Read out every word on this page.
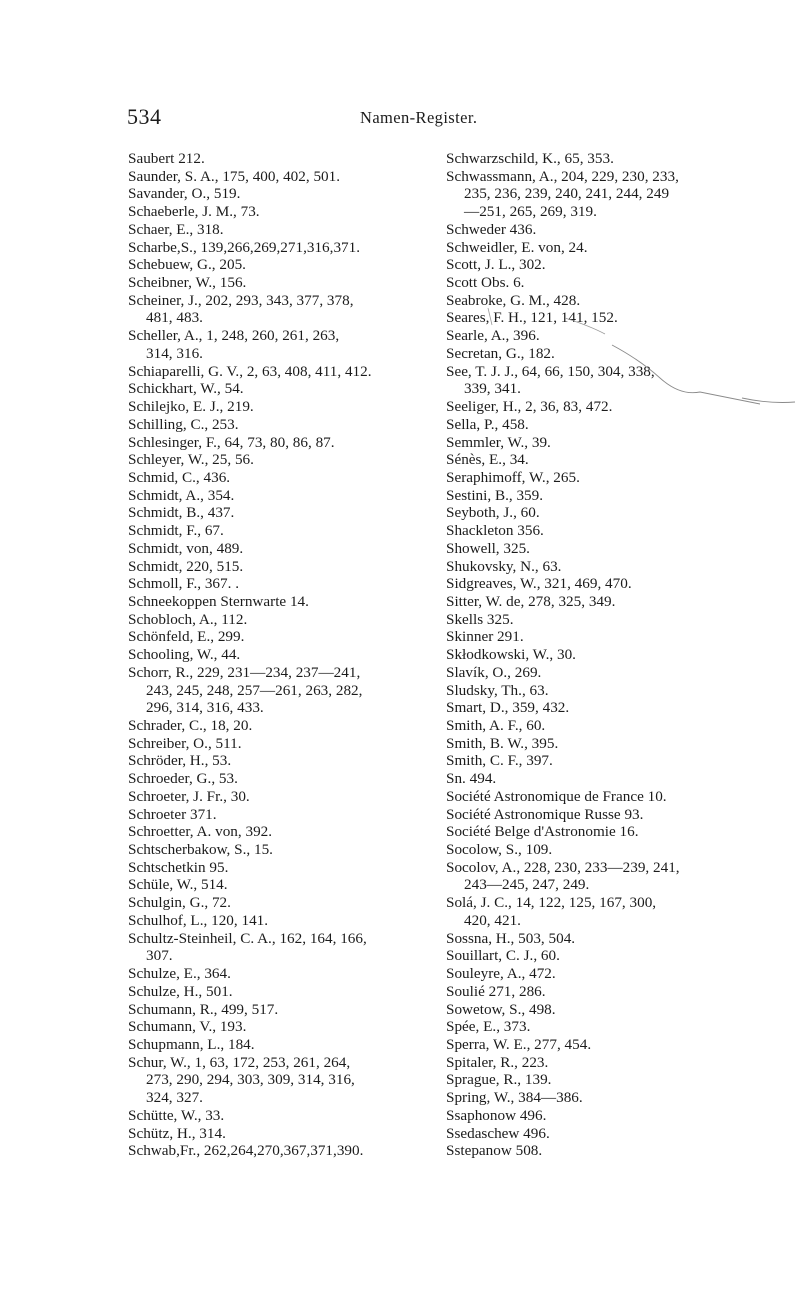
534	Namen-Register.
Saubert 212.
Saunder, S. A., 175, 400, 402, 501.
Savander, O., 519.
Schaeberle, J. M., 73.
Schaer, E., 318.
Scharbe,S., 139,266,269,271,316,371.
Schebuew, G., 205.
Scheibner, W., 156.
Scheiner, J., 202, 293, 343, 377, 378,
481, 483.
Scheller, A., 1, 248, 260, 261, 263,
314, 316.
Schiaparelli, G. V., 2, 63, 408, 411, 412.
Schickhart, W., 54.
Schilejko, E. J., 219.
Schilling, C., 253.
Schlesinger, F., 64, 73, 80, 86, 87.
Schleyer, W., 25, 56.
Schmid, C., 436.
Schmidt, A., 354.
Schmidt, B., 437.
Schmidt, F., 67.
Schmidt, von, 489.
Schmidt, 220, 515.
Schmoll, F., 367. .
Schneekoppen Sternwarte 14.
Schobloch, A., 112.
Schönfeld, E., 299.
Schooling, W., 44.
Schorr, R., 229, 231—234, 237—241,
243, 245, 248, 257—261, 263, 282,
296, 314, 316, 433.
Schrader, C., 18, 20.
Schreiber, O., 511.
Schröder, H., 53.
Schroeder, G., 53.
Schroeter, J. Fr., 30.
Schroeter 371.
Schroetter, A. von, 392.
Schtscherbakow, S., 15.
Schtschetkin 95.
Schüle, W., 514.
Schulgin, G., 72.
Schulhof, L., 120, 141.
Schultz-Steinheil, C. A., 162, 164, 166,
307.
Schulze, E., 364.
Schulze, H., 501.
Schumann, R., 499, 517.
Schumann, V., 193.
Schupmann, L., 184.
Schur, W., 1, 63, 172, 253, 261, 264,
273, 290, 294, 303, 309, 314, 316,
324, 327.
Schütte, W., 33.
Schütz, H., 314.
Schwab,Fr., 262,264,270,367,371,390.
Schwarzschild, K., 65, 353.
Schwassmann, A., 204, 229, 230, 233,
235, 236, 239, 240, 241, 244, 249
—251, 265, 269, 319.
Schweder 436.
Schweidler, E. von, 24.
Scott, J. L., 302.
Scott Obs. 6.
Seabroke, G. M., 428.
Seares, F. H., 121, 141, 152.
Searle, A., 396.
Secretan, G., 182.
See, T. J. J., 64, 66, 150, 304, 338,
339, 341.
Seeliger, H., 2, 36, 83, 472.
Sella, P., 458.
Semmler, W., 39.
Sénès, E., 34.
Seraphimoff, W., 265.
Sestini, B., 359.
Seyboth, J., 60.
Shackleton 356.
Showell, 325.
Shukovsky, N., 63.
Sidgreaves, W., 321, 469, 470.
Sitter, W. de, 278, 325, 349.
Skells 325.
Skinner 291.
Skłodkowski, W., 30.
Slavík, O., 269.
Sludsky, Th., 63.
Smart, D., 359, 432.
Smith, A. F., 60.
Smith, B. W., 395.
Smith, C. F., 397.
Sn. 494.
Société Astronomique de France 10.
Société Astronomique Russe 93.
Société Belge d'Astronomie 16.
Socolow, S., 109.
Socolov, A., 228, 230, 233—239, 241,
243—245, 247, 249.
Solá, J. C., 14, 122, 125, 167, 300,
420, 421.
Sossna, H., 503, 504.
Souillart, C. J., 60.
Souleyre, A., 472.
Soulié 271, 286.
Sowetow, S., 498.
Spée, E., 373.
Sperra, W. E., 277, 454.
Spitaler, R., 223.
Sprague, R., 139.
Spring, W., 384—386.
Ssaphonow 496.
Ssedaschew 496.
Sstepanow 508.
